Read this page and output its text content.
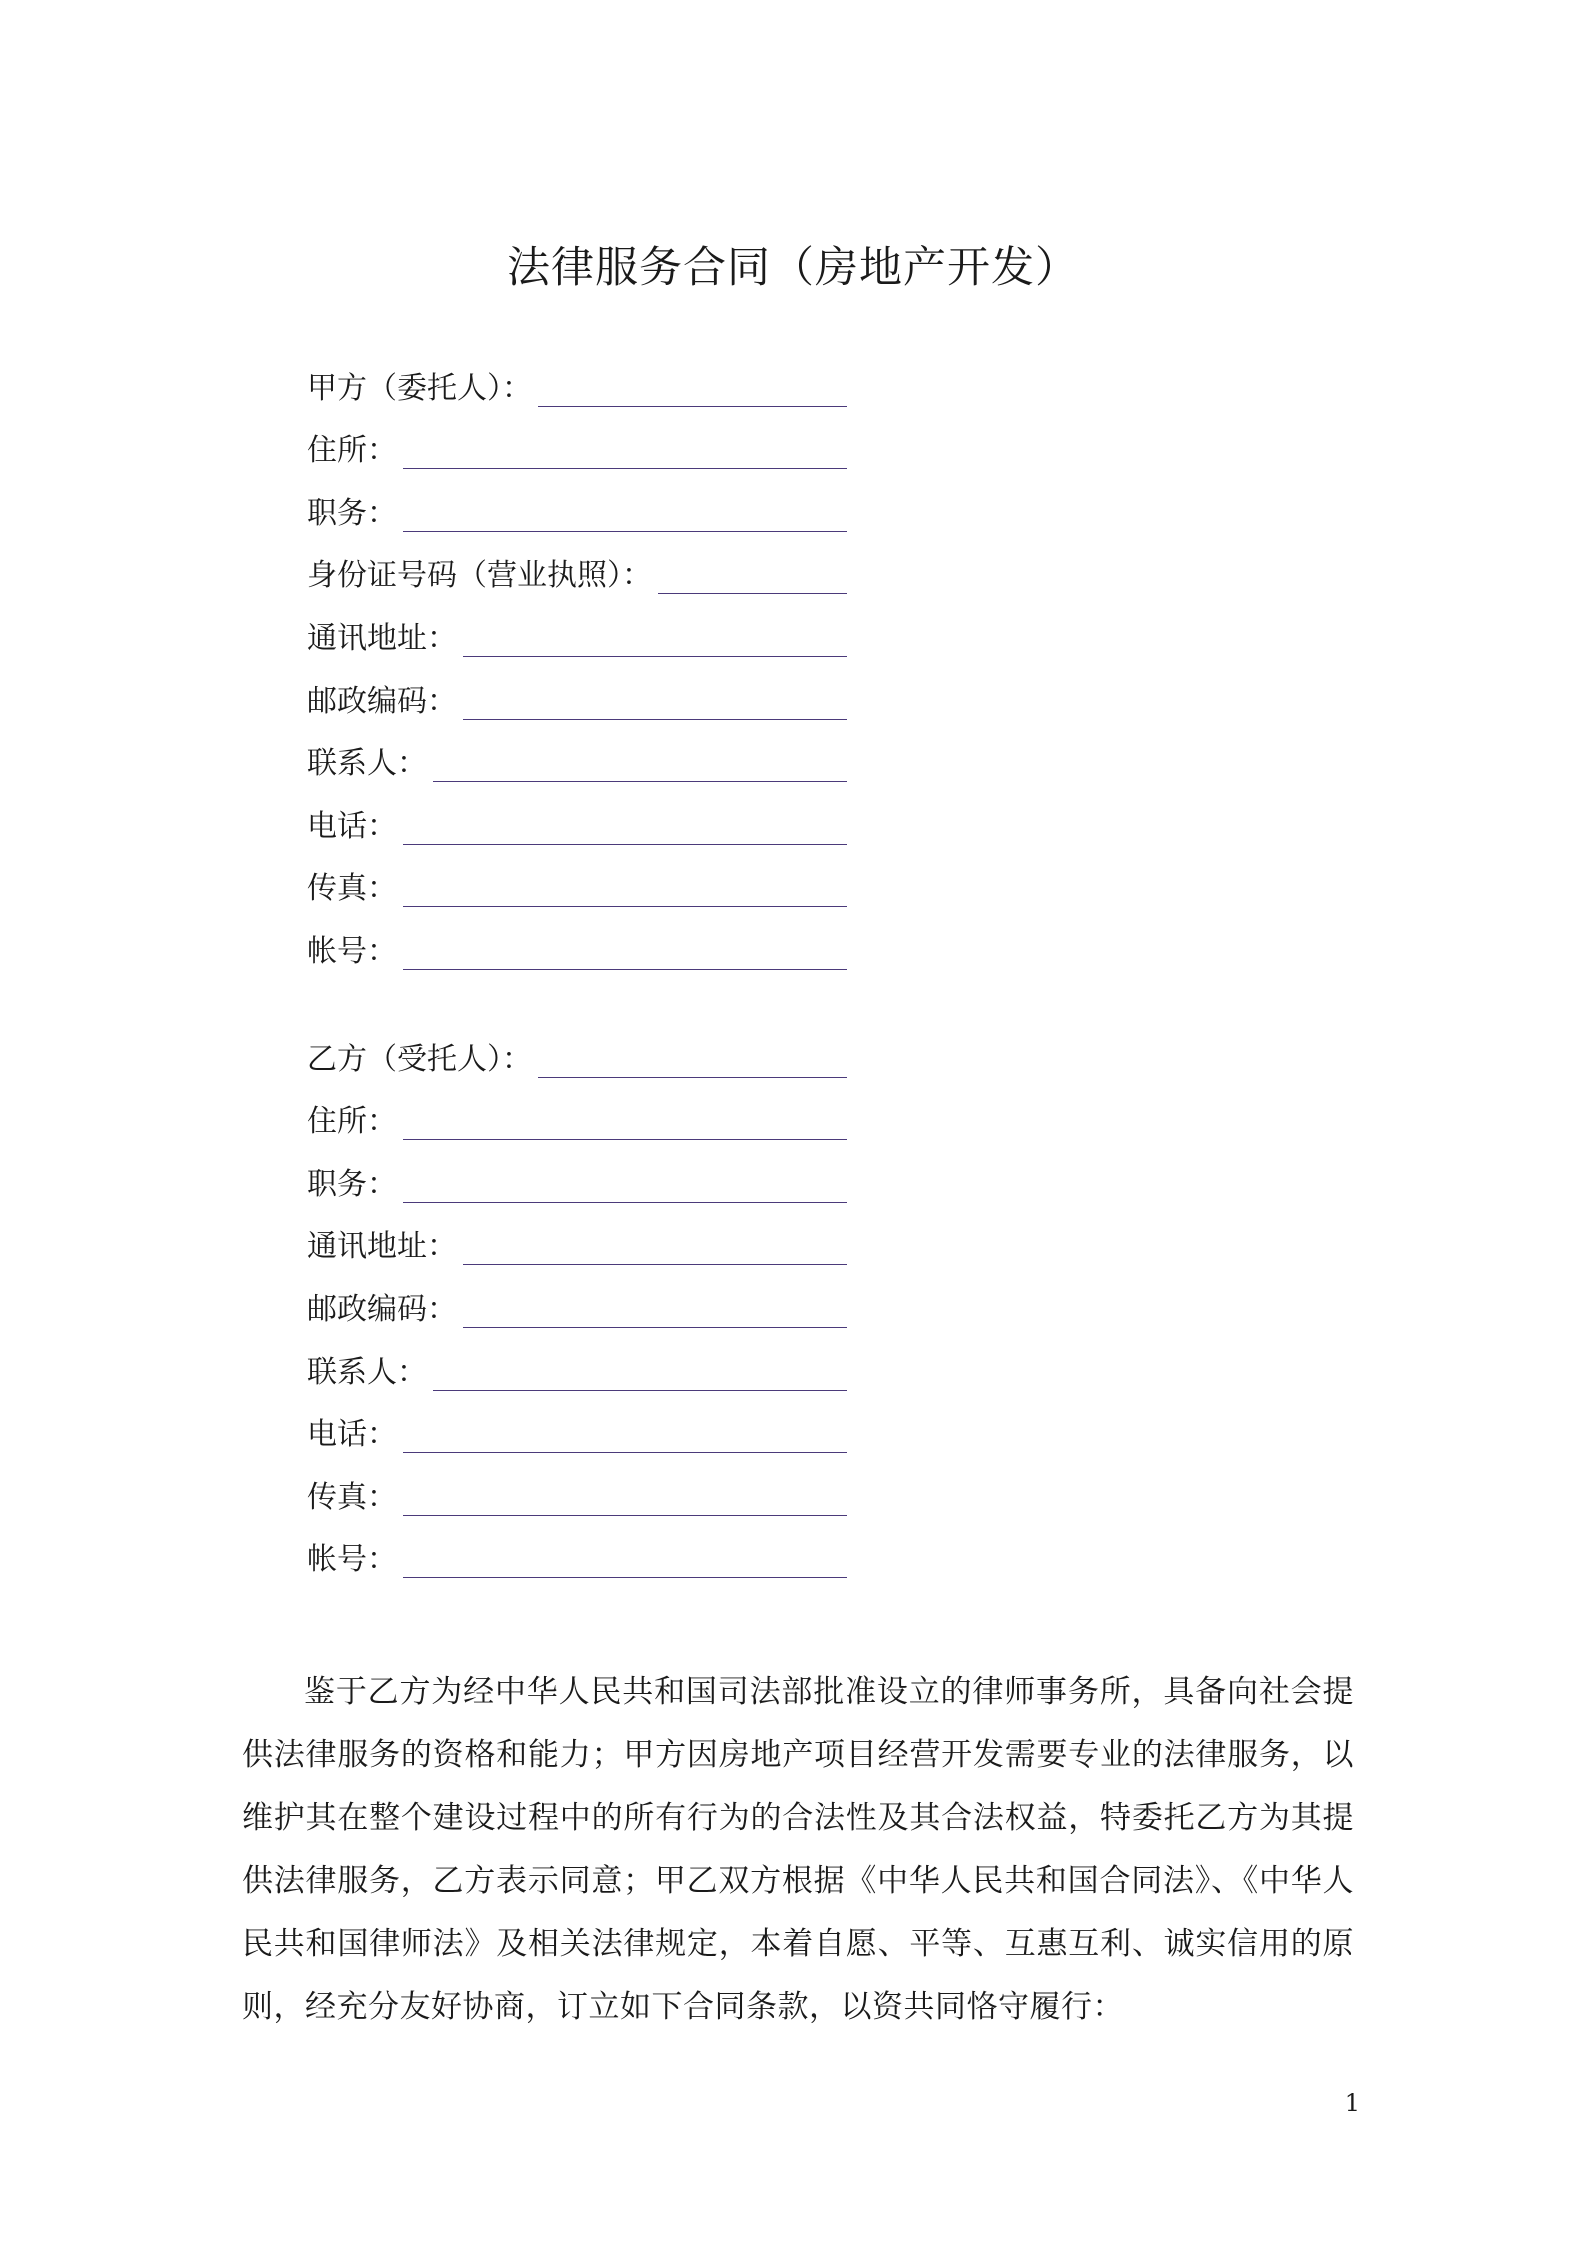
法律服务合同（房地产开发）
甲方（委托人）：
住所：
职务：
身份证号码（营业执照）：
通讯地址：
邮政编码：
联系人：
电话：
传真：
帐号：
乙方（受托人）：
住所：
职务：
通讯地址：
邮政编码：
联系人：
电话：
传真：
帐号：

鉴于乙方为经中华人民共和国司法部批准设立的律师事务所，具备向社会提供法律服务的资格和能力；甲方因房地产项目经营开发需要专业的法律服务，以维护其在整个建设过程中的所有行为的合法性及其合法权益，特委托乙方为其提供法律服务，乙方表示同意；甲乙双方根据《中华人民共和国合同法》、《中华人民共和国律师法》及相关法律规定，本着自愿、平等、互惠互利、诚实信用的原则，经充分友好协商，订立如下合同条款，以资共同恪守履行：

1
